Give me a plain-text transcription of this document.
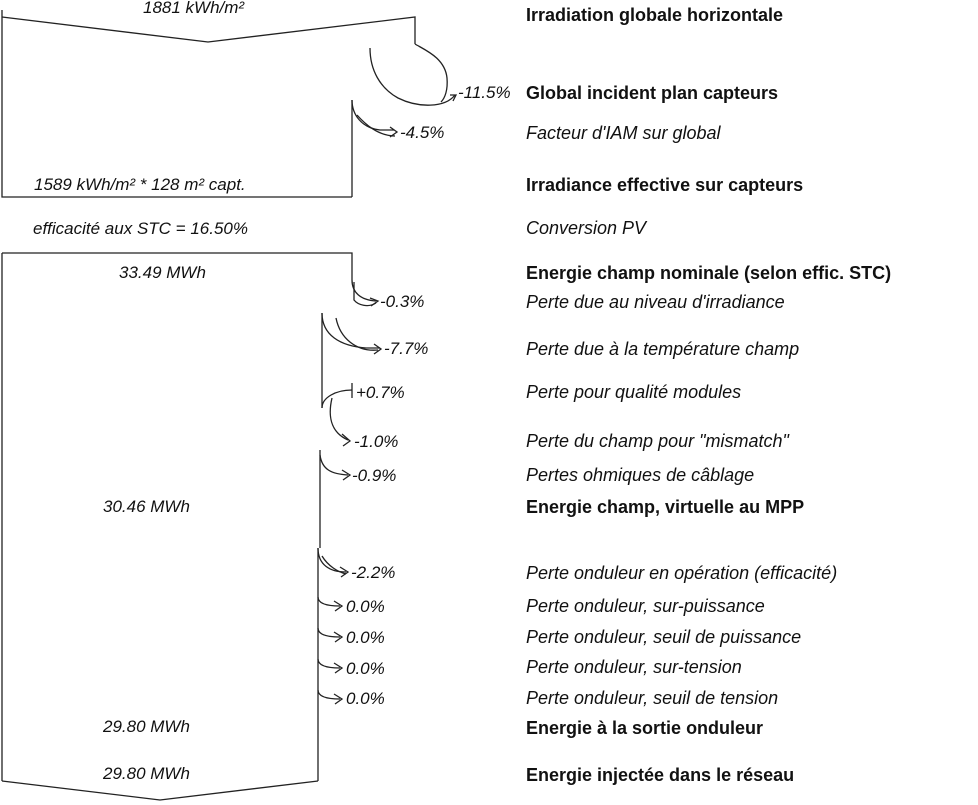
1881 kWh/m²
1589 kWh/m² * 128 m² capt.
efficacité aux STC = 16.50%
33.49 MWh
30.46 MWh
29.80 MWh
29.80 MWh
-11.5%
-4.5%
-0.3%
-7.7%
+0.7%
-1.0%
-0.9%
-2.2%
0.0%
0.0%
0.0%
0.0%
Irradiation globale horizontale
Global incident plan capteurs
Facteur d'IAM sur global
Irradiance effective sur capteurs
Conversion PV
Energie champ nominale (selon effic. STC)
Perte due au niveau d'irradiance
Perte due à la température champ
Perte pour qualité modules
Perte du champ pour "mismatch"
Pertes ohmiques de câblage
Energie champ, virtuelle au MPP
Perte onduleur en opération (efficacité)
Perte onduleur, sur-puissance
Perte onduleur, seuil de puissance
Perte onduleur, sur-tension
Perte onduleur, seuil de tension
Energie à la sortie onduleur
Energie injectée dans le réseau
